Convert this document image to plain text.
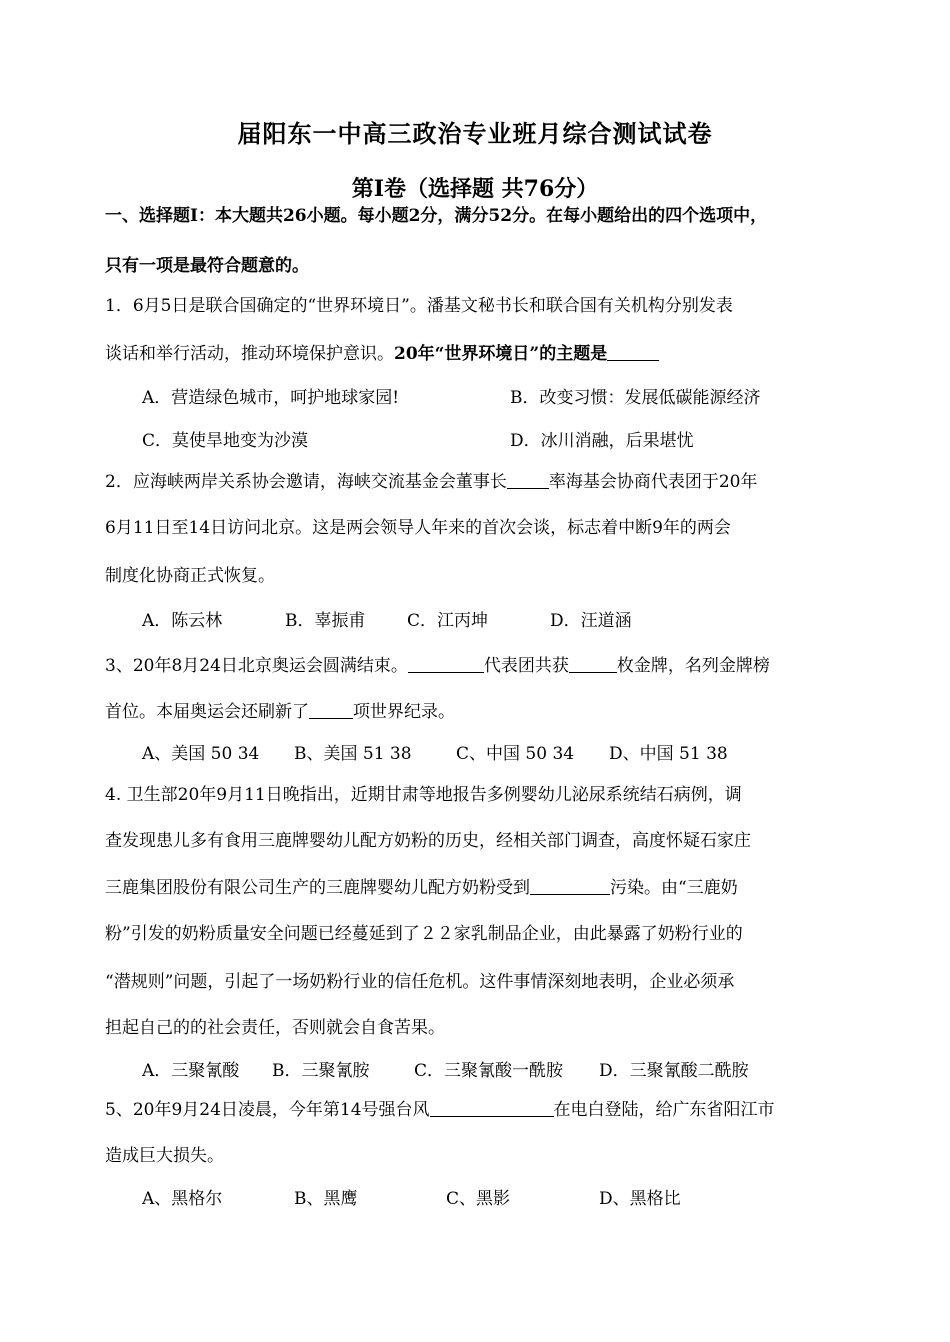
届阳东一中高三政治专业班月综合测试试卷
第Ⅰ卷（选择题 共76分）
一、选择题Ⅰ：本大题共26小题。每小题2分，满分52分。在每小题给出的四个选项中，
只有一项是最符合题意的。
1．6月5日是联合国确定的“世界环境日”。潘基文秘书长和联合国有关机构分别发表
谈话和举行活动，推动环境保护意识。20年“世界环境日”的主题是
A．营造绿色城市，呵护地球家园!	B．改变习惯：发展低碳能源经济
C．莫使旱地变为沙漠	D．冰川消融，后果堪忧
2．应海峡两岸关系协会邀请，海峡交流基金会董事长 率海基会协商代表团于20年
6月11日至14日访问北京。这是两会领导人年来的首次会谈，标志着中断9年的两会
制度化协商正式恢复。
A．陈云林	B．辜振甫 C．江丙坤	D．汪道涵
3、20年8月24日北京奥运会圆满结束。	代表团共获	枚金牌，名列金牌榜
首位。本届奥运会还刷新了	项世界纪录。
A、美国 50 34 B、美国 51 38	C、中国 50 34 D、中国 51 38
4. 卫生部20年9月11日晚指出，近期甘肃等地报告多例婴幼儿泌尿系统结石病例，调
查发现患儿多有食用三鹿牌婴幼儿配方奶粉的历史，经相关部门调查，高度怀疑石家庄
三鹿集团股份有限公司生产的三鹿牌婴幼儿配方奶粉受到	污染。由“三鹿奶
粉”引发的奶粉质量安全问题已经蔓延到了２２家乳制品企业，由此暴露了奶粉行业的
“潜规则”问题，引起了一场奶粉行业的信任危机。这件事情深刻地表明，企业必须承
担起自己的的社会责任，否则就会自食苦果。
A．三聚氰酸 B．三聚氰胺	C．三聚氰酸一酰胺 D．三聚氰酸二酰胺
5、20年9月24日凌晨，今年第14号强台风	在电白登陆，给广东省阳江市
造成巨大损失。
A、黑格尔	B、黑鹰	C、黑影	D、黑格比
